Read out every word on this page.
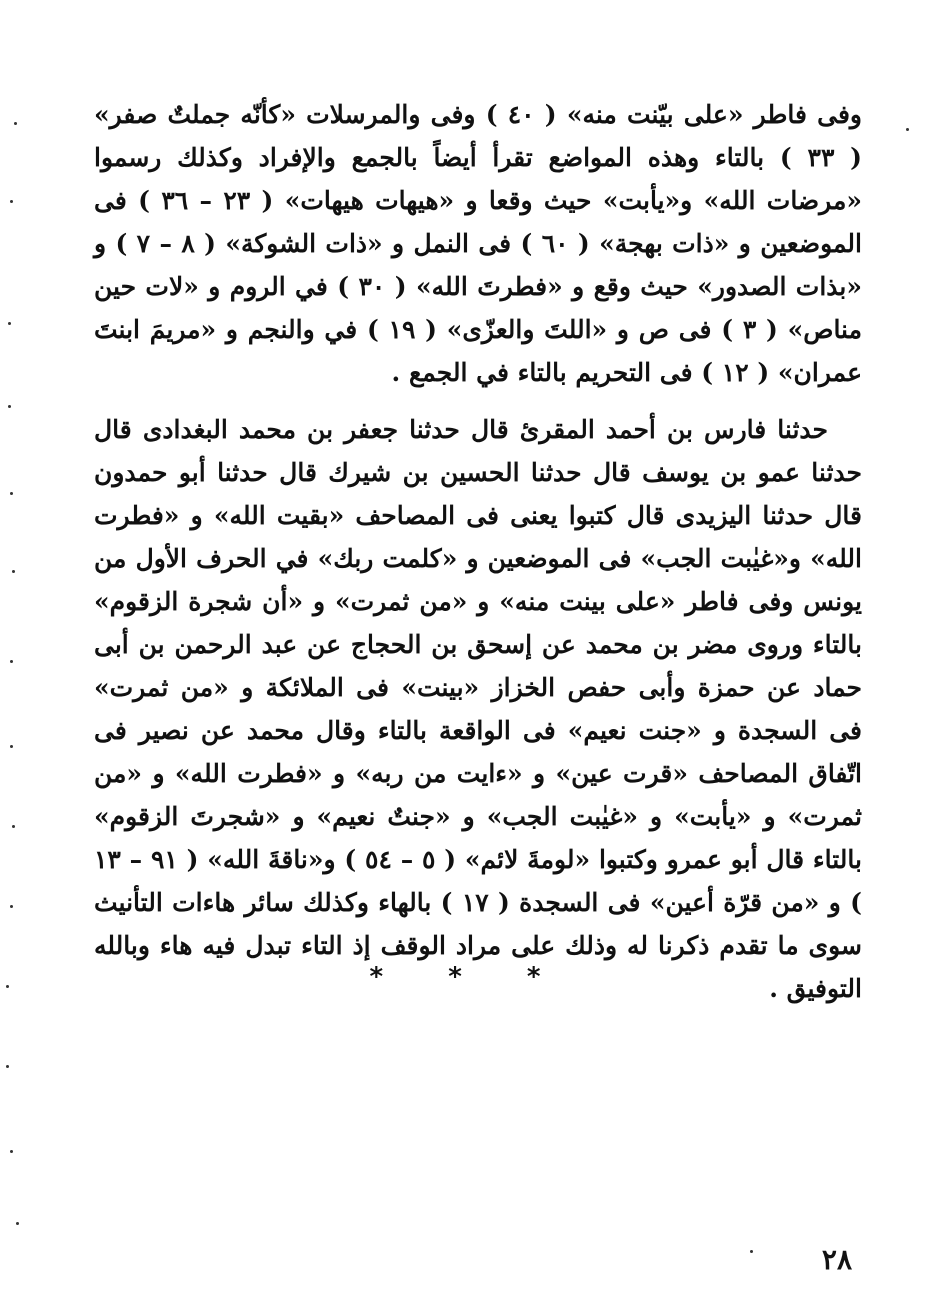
وفى فاطر «على بيّنت منه» ( ٤٠ ) وفى والمرسلات «كأنّه جملتٌ صفر» ( ٣٣ ) بالتاء وهذه المواضع تقرأ أيضاً بالجمع والإفراد وكذلك رسموا «مرضات الله» و«يأبت» حيث وقعا و «هيهات هيهات» ( ٢٣ – ٣٦ ) فى الموضعين و «ذات بهجة» ( ٦٠ ) فى النمل و «ذات الشوكة» ( ٨ – ٧ ) و «بذات الصدور» حيث وقع و «فطرتَ الله» ( ٣٠ ) في الروم و «لات حين مناص» ( ٣ ) فى ص و «اللتَ والعزّى» ( ١٩ ) في والنجم و «مريمَ ابنتَ عمران» ( ١٢ ) فى التحريم بالتاء في الجمع .

حدثنا فارس بن أحمد المقرئ قال حدثنا جعفر بن محمد البغدادى قال حدثنا عمو بن يوسف قال حدثنا الحسين بن شيرك قال حدثنا أبو حمدون قال حدثنا اليزيدى قال كتبوا يعنى فى المصاحف «بقيت الله» و «فطرت الله» و«غيٰبت الجب» فى الموضعين و «كلمت ربك» في الحرف الأول من يونس وفى فاطر «على بينت منه» و «من ثمرت» و «أن شجرة الزقوم» بالتاء وروى مضر بن محمد عن إسحق بن الحجاج عن عبد الرحمن بن أبى حماد عن حمزة وأبى حفص الخزاز «بينت» فى الملائكة و «من ثمرت» فى السجدة و «جنت نعيم» فى الواقعة بالتاء وقال محمد عن نصير فى اتّفاق المصاحف «قرت عين» و «ءايت من ربه» و «فطرت الله» و «من ثمرت» و «يأبت» و «غيٰبت الجب» و «جنتٌ نعيم» و «شجرتَ الزقوم» بالتاء قال أبو عمرو وكتبوا «لومةَ لائم» ( ٥ – ٥٤ ) و«ناقةَ الله» ( ٩١ – ١٣ ) و «من قرّة أعين» فى السجدة ( ١٧ ) بالهاء وكذلك سائر هاءات التأنيث سوى ما تقدم ذكرنا له وذلك على مراد الوقف إذ التاء تبدل فيه هاء وبالله التوفيق .

* * *
٢٨
